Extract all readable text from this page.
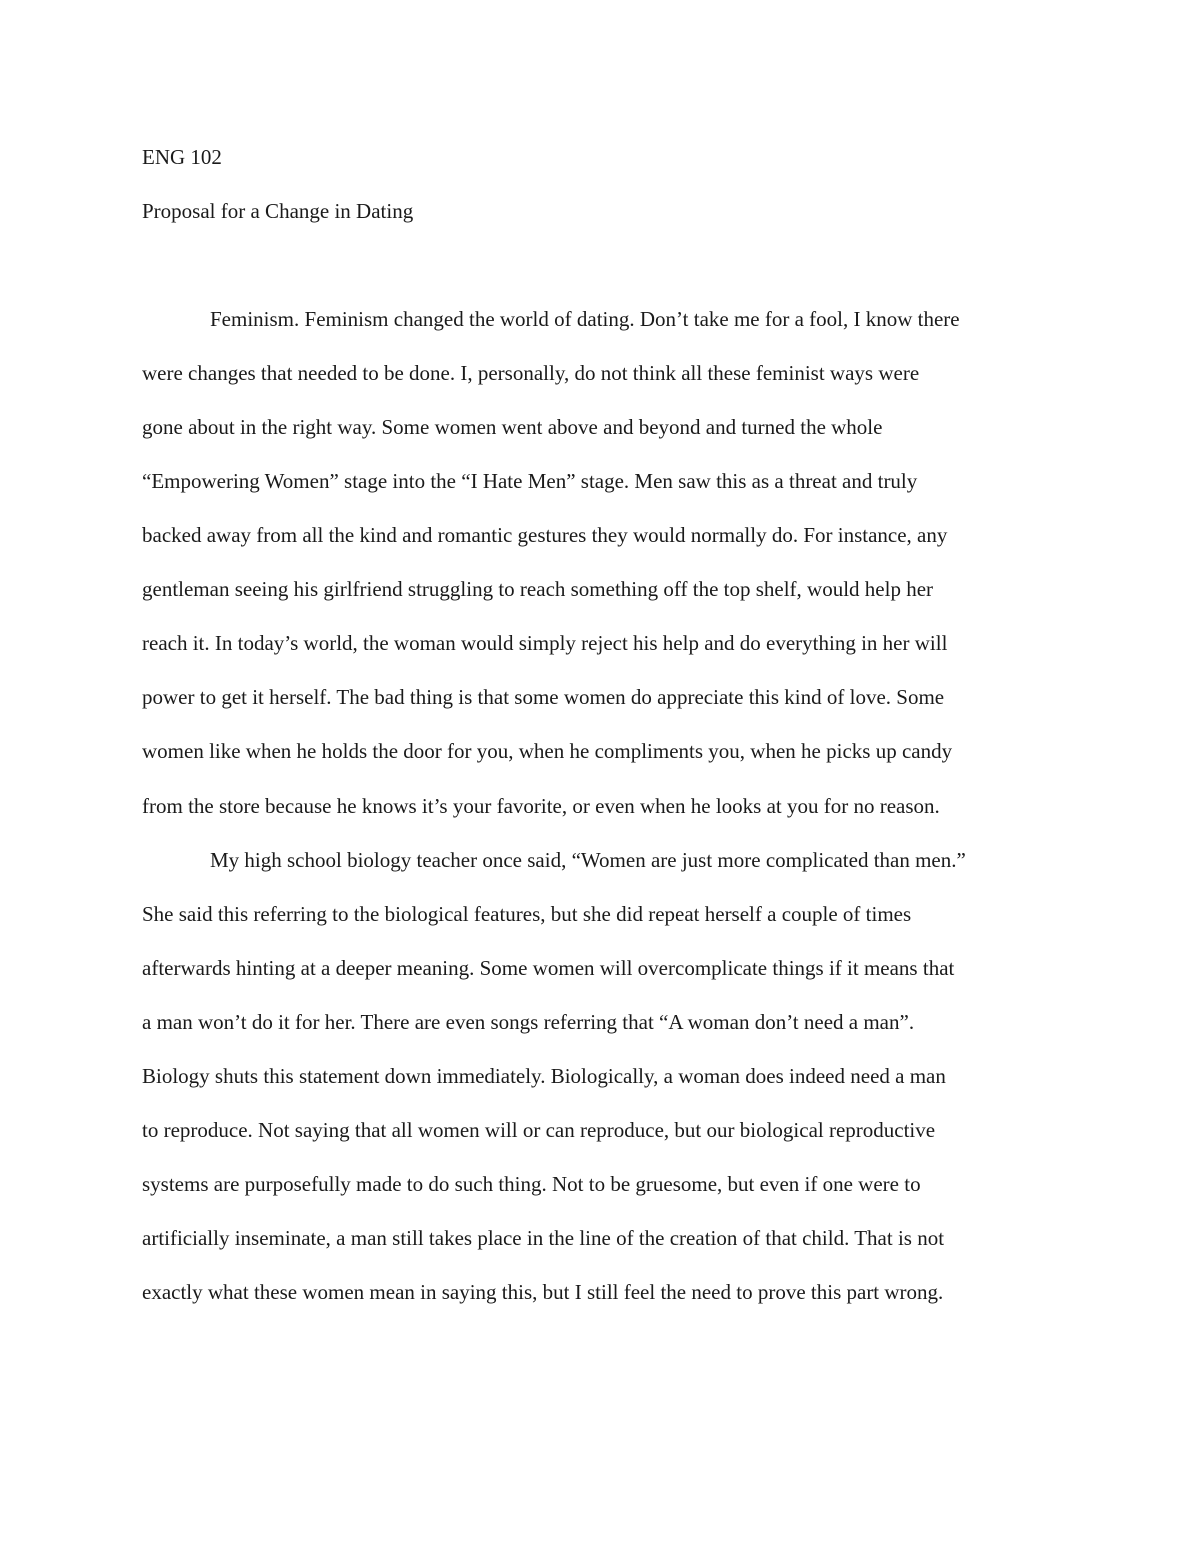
ENG 102

Proposal for a Change in Dating

Feminism. Feminism changed the world of dating. Don’t take me for a fool, I know there

were changes that needed to be done. I, personally, do not think all these feminist ways were

gone about in the right way. Some women went above and beyond and turned the whole

“Empowering Women” stage into the “I Hate Men” stage. Men saw this as a threat and truly

backed away from all the kind and romantic gestures they would normally do. For instance, any

gentleman seeing his girlfriend struggling to reach something off the top shelf, would help her

reach it. In today’s world, the woman would simply reject his help and do everything in her will

power to get it herself. The bad thing is that some women do appreciate this kind of love. Some

women like when he holds the door for you, when he compliments you, when he picks up candy

from the store because he knows it’s your favorite, or even when he looks at you for no reason.

My high school biology teacher once said, “Women are just more complicated than men.”

She said this referring to the biological features, but she did repeat herself a couple of times

afterwards hinting at a deeper meaning. Some women will overcomplicate things if it means that

a man won’t do it for her. There are even songs referring that “A woman don’t need a man”.

Biology shuts this statement down immediately. Biologically, a woman does indeed need a man

to reproduce. Not saying that all women will or can reproduce, but our biological reproductive

systems are purposefully made to do such thing. Not to be gruesome, but even if one were to

artificially inseminate, a man still takes place in the line of the creation of that child. That is not

exactly what these women mean in saying this, but I still feel the need to prove this part wrong.
